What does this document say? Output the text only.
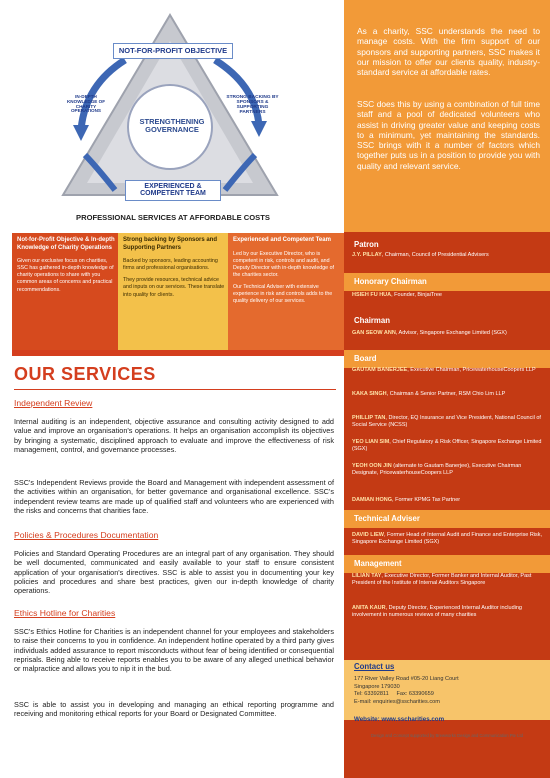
NOT-FOR-PROFIT OBJECTIVE
IN-DEPTH KNOWLEDGE OF CHARITY OPERATIONS
STRONG BACKING BY SPONSORS & SUPPORTING PARTNERS
STRENGTHENING GOVERNANCE
EXPERIENCED & COMPETENT TEAM
PROFESSIONAL SERVICES AT AFFORDABLE COSTS
Not-for-Profit Objective & In-depth Knowledge of Charity Operations

Given our exclusive focus on charities, SSC has gathered in-depth knowledge of charity operations to share with you common areas of concerns and practical recommendations.

Strong backing by Sponsors and Supporting Partners

Backed by sponsors, leading accounting firms and professional organisations.

They provide resources, technical advice and inputs on our services. These translate into quality for clients.

Experienced and Competent Team

Led by our Executive Director, who is competent in risk, controls and audit, and Deputy Director with in-depth knowledge of the charities sector.

Our Technical Adviser with extensive experience in risk and controls adds to the quality delivery of our services.

As a charity, SSC understands the need to manage costs. With the firm support of our sponsors and supporting partners, SSC makes it our mission to offer our clients quality, industry-standard service at affordable rates.

SSC does this by using a combination of full time staff and a pool of dedicated volunteers who assist in driving greater value and keeping costs to a minimum, yet maintaining the standards. SSC brings with it a number of factors which together puts us in a position to provide you with quality and relevant service.

Patron
J.Y. PILLAY, Chairman, Council of Presidential Advisers
Honorary Chairman
HSIEH FU HUA, Founder, BinjaiTree
Chairman
GAN SEOW ANN, Advisor, Singapore Exchange Limited (SGX)
Board
GAUTAM BANERJEE, Executive Chairman, PricewaterhouseCoopers LLP
KAKA SINGH, Chairman & Senior Partner, RSM Chio Lim LLP
PHILLIP TAN, Director, EQ Insurance and Vice President, National Council of Social Service (NCSS)
YEO LIAN SIM, Chief Regulatory & Risk Officer, Singapore Exchange Limited (SGX)
YEOH OON JIN (alternate to Gautam Banerjee), Executive Chairman Designate, PricewaterhouseCoopers LLP
DAMIAN HONG, Former KPMG Tax Partner
Technical Adviser
DAVID LIEW, Former Head of Internal Audit and Finance and Enterprise Risk, Singapore Exchange Limited (SGX)
Management
LILIAN TAY, Executive Director, Former Banker and Internal Auditor, Past President of the Institute of Internal Auditors Singapore
ANITA KAUR, Deputy Director, Experienced Internal Auditor including involvement in numerous reviews of many charities
Contact us
177 River Valley Road #05-20 Liang Court
Singapore 179030
Tel: 63392811     Fax: 63390659
E-mail: enquiries@sscharities.com
Website: www.sscharities.com
Design and Concept supported by Brewworks Design and Communication Pte Ltd
OUR SERVICES
Independent Review

Internal auditing is an independent, objective assurance and consulting activity designed to add value and improve an organisation's operations. It helps an organisation accomplish its objectives by bringing a systematic, disciplined approach to evaluate and improve the effectiveness of risk management, control, and governance processes.

SSC's Independent Reviews provide the Board and Management with independent assessment of the activities within an organisation, for better governance and organisational excellence. SSC's independent review teams are made up of qualified staff and volunteers who are experienced with the risks and concerns that charities face.

Policies & Procedures Documentation

Policies and Standard Operating Procedures are an integral part of any organisation. They should be well documented, communicated and easily available to your staff to ensure consistent application of your organisation's directives. SSC is able to assist you in documenting your key policies and procedures and share best practices, given our in-depth knowledge of charity operations.

Ethics Hotline for Charities

SSC's Ethics Hotline for Charities is an independent channel for your employees and stakeholders to raise their concerns to you in confidence. An independent hotline operated by a third party gives individuals added assurance to report misconducts without fear of being identified or consequential reprisals. Being able to receive reports enables you to be aware of any alleged unethical behavior or malpractice and allows you to nip it in the bud.

SSC is able to assist you in developing and managing an ethical reporting programme and receiving and monitoring ethical reports for your Board or Designated Committee.
